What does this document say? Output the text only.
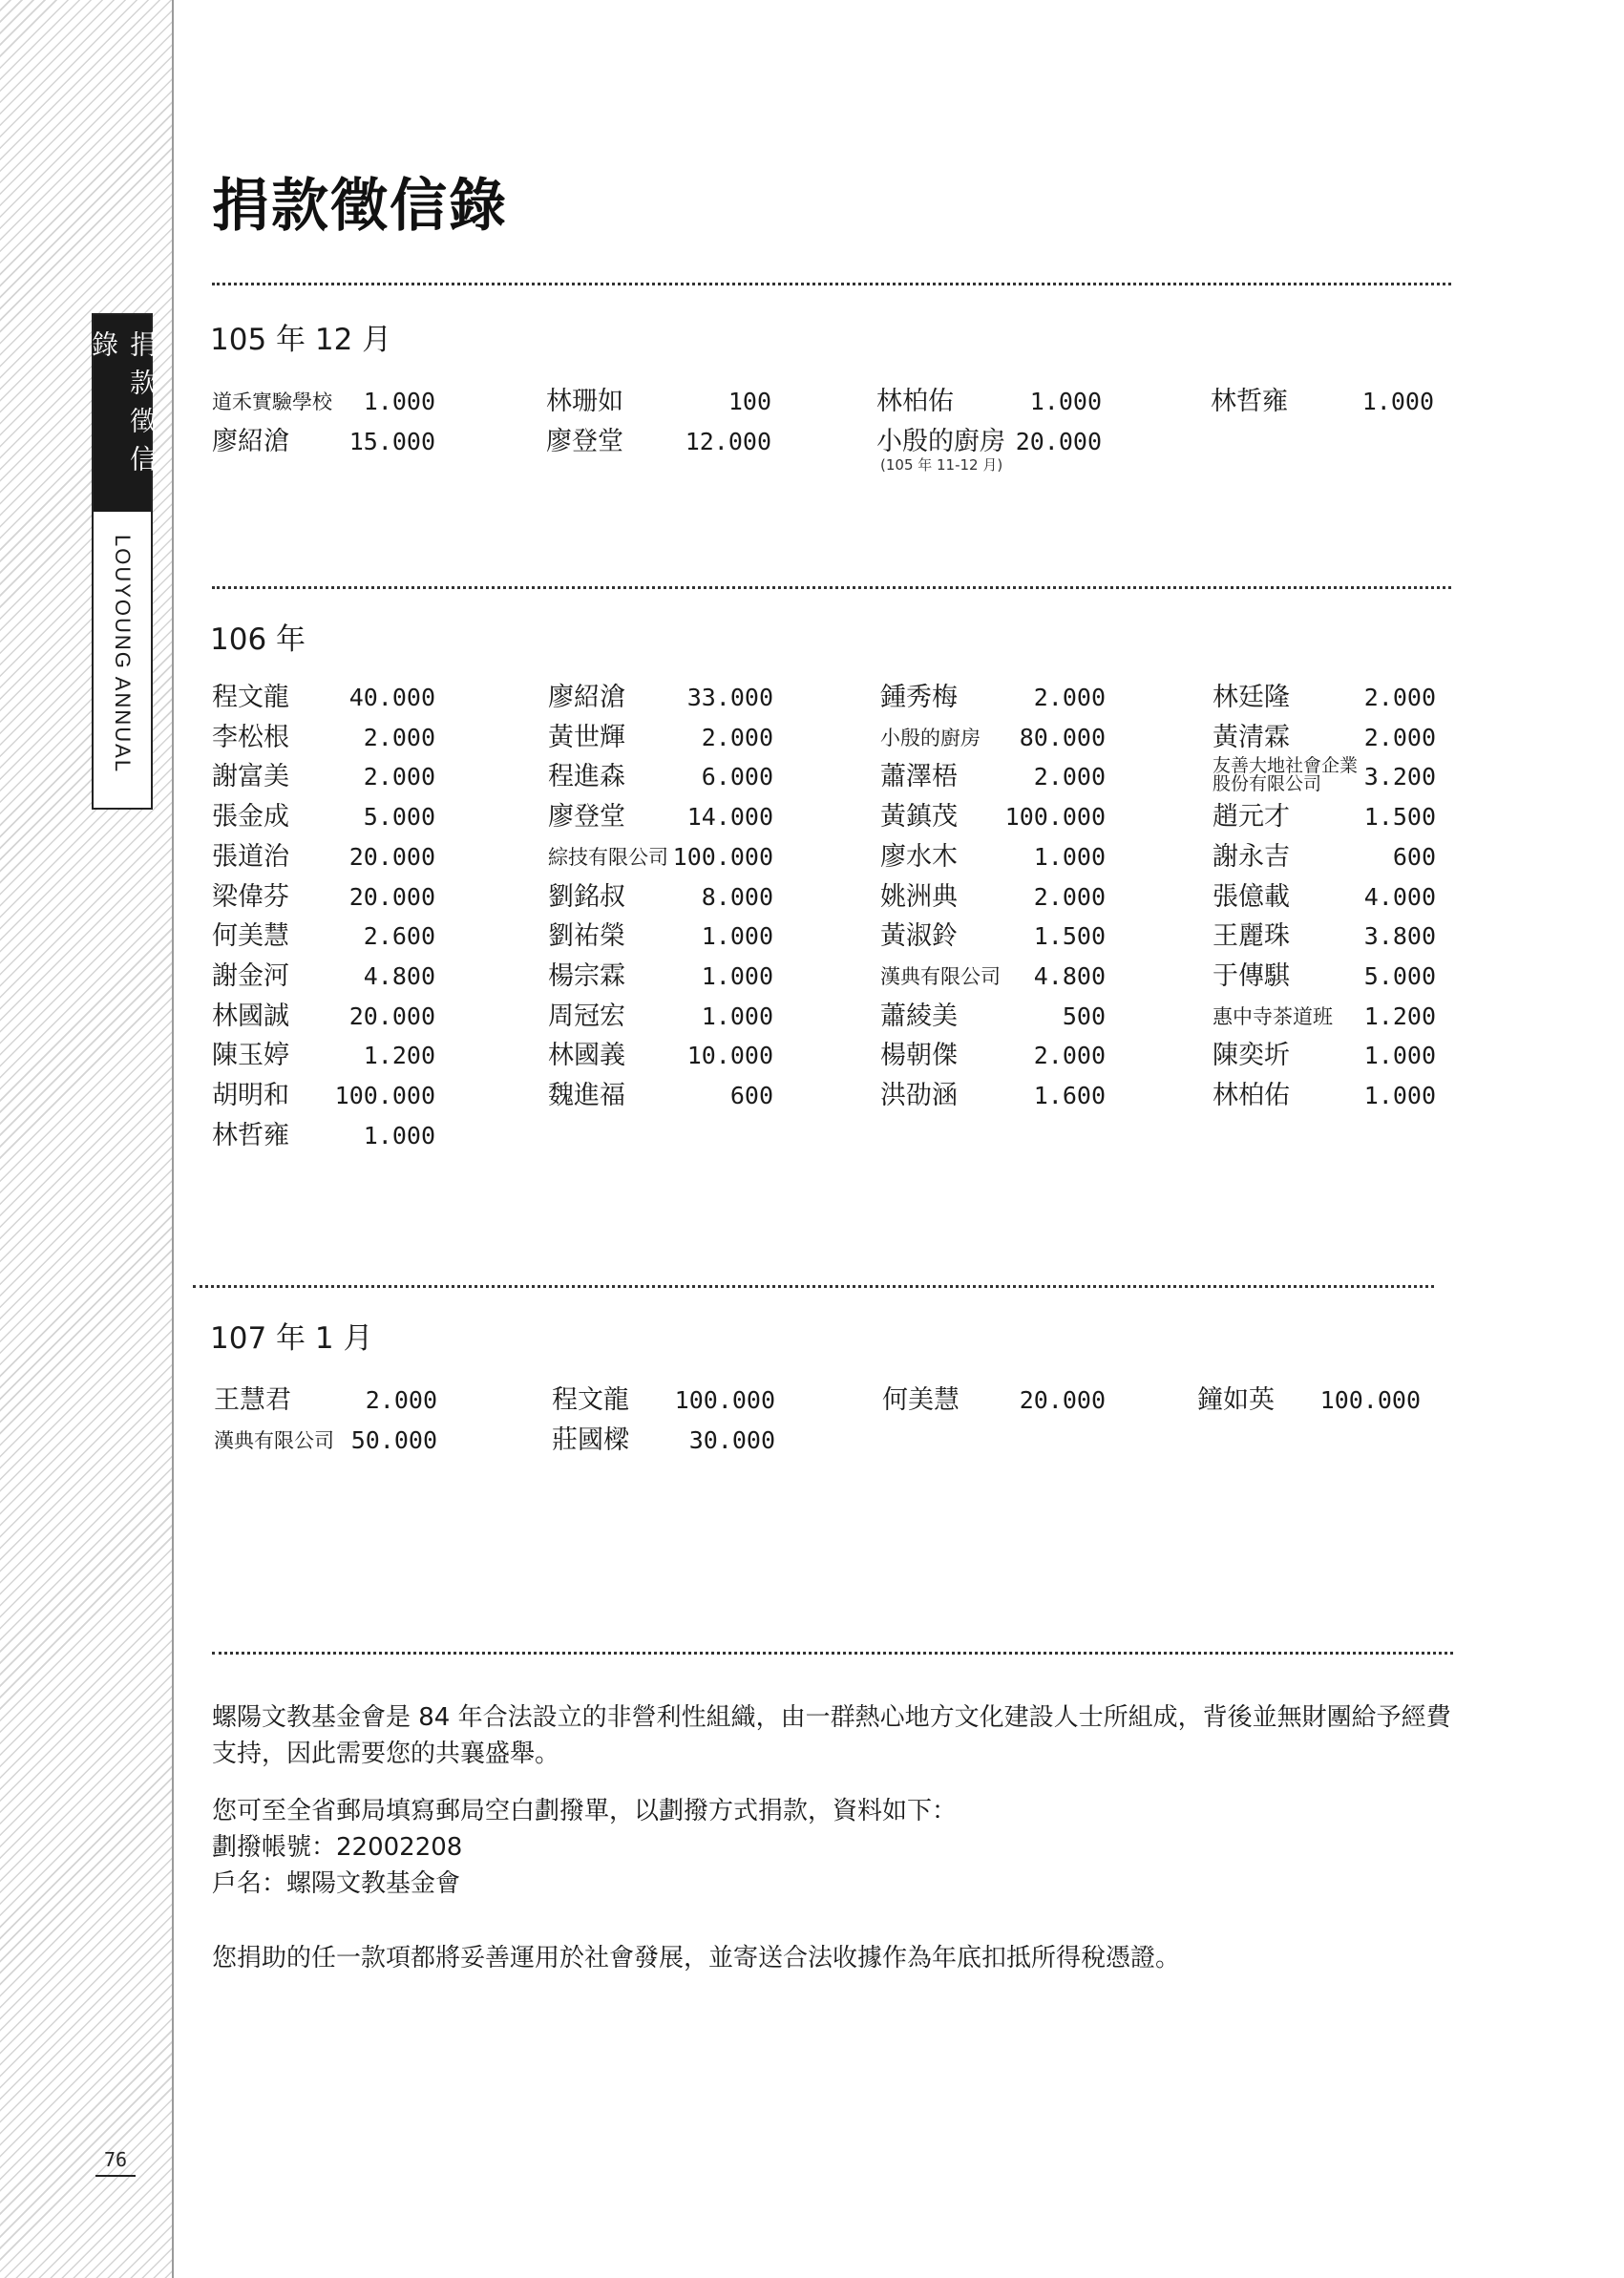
捐款徵信錄
LOUYOUNG ANNUAL
76
捐款徵信錄
105 年 12 月
106 年
107 年 1 月
道禾實驗學校 1.000	林珊如	100	林柏佑	1.000	林哲雍	1.000
廖紹滄	15.000	廖登堂	12.000	小殷的廚房 20.000
(105 年 11-12 月)
程文龍	40.000	廖紹滄	33.000	鍾秀梅	2.000	林廷隆	2.000
李松根	2.000	黃世輝	2.000	小殷的廚房 80.000	黃清霖	2.000
謝富美	2.000	程進森	6.000	蕭澤梧	2.000	友善大地社會企業股份有限公司	3.200
張金成	5.000	廖登堂	14.000	黃鎮茂 100.000	趙元才	1.500
張道治	20.000	綜技有限公司 100.000	廖水木	1.000	謝永吉	600
梁偉芬	20.000	劉銘叔	8.000	姚洲典	2.000	張億載	4.000
何美慧	2.600	劉祐榮	1.000	黃淑鈴	1.500	王麗珠	3.800
謝金河	4.800	楊宗霖	1.000	漢典有限公司 4.800	于傳騏	5.000
林國誠	20.000	周冠宏	1.000	蕭綾美	500	惠中寺茶道班 1.200
陳玉婷	1.200	林國義	10.000	楊朝傑	2.000	陳奕圻	1.000
胡明和 100.000	魏進福	600	洪劭涵	1.600	林柏佑	1.000
林哲雍	1.000
王慧君	2.000	程文龍 100.000	何美慧	20.000	鐘如英 100.000
漢典有限公司 50.000	莊國樑	30.000

螺陽文教基金會是 84 年合法設立的非營利性組織，由一群熱心地方文化建設人士所組成，背後並無財團給予經費支持，因此需要您的共襄盛舉。

您可至全省郵局填寫郵局空白劃撥單，以劃撥方式捐款，資料如下：

劃撥帳號：22002208

戶名：螺陽文教基金會

您捐助的任一款項都將妥善運用於社會發展，並寄送合法收據作為年底扣抵所得稅憑證。
